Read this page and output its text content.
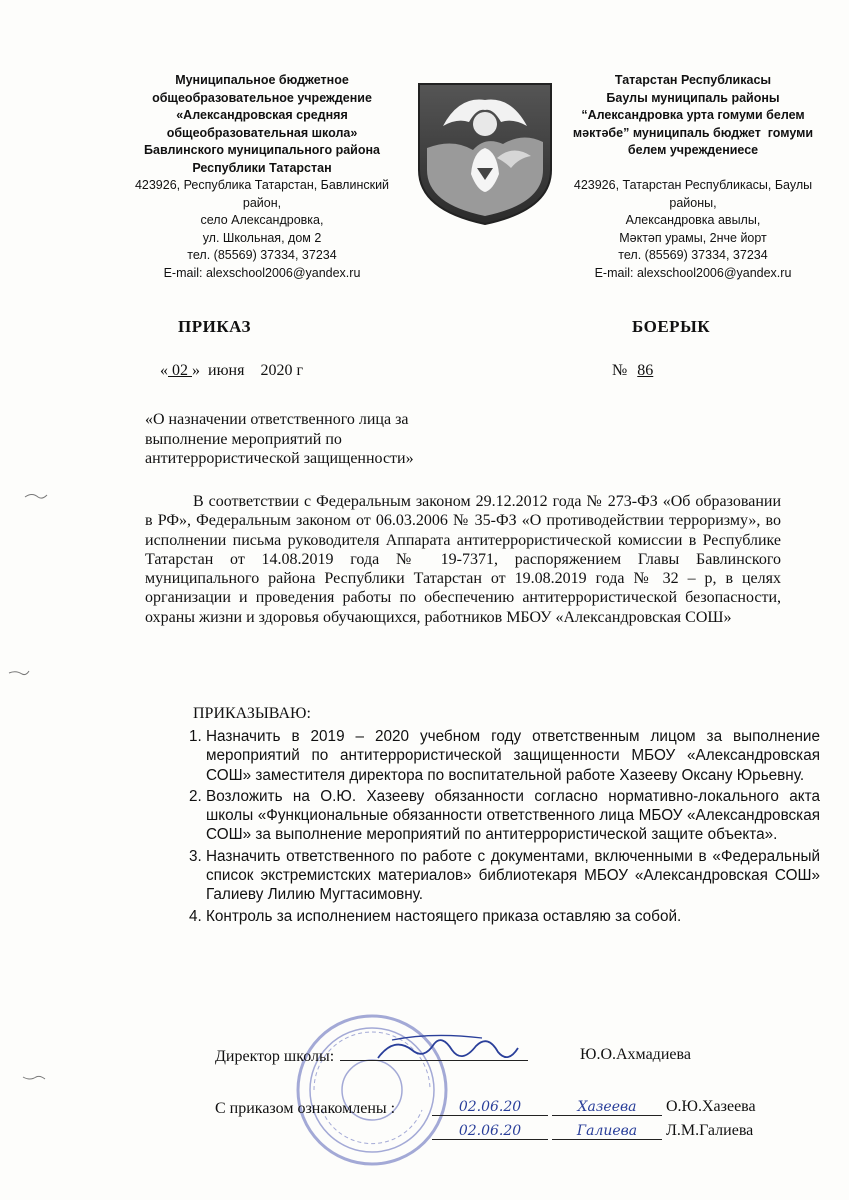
Муниципальное бюджетное
общеобразовательное учреждение
«Александровская средняя
общеобразовательная школа»
Бавлинского муниципального района
Республики Татарстан
423926, Республика Татарстан, Бавлинский
район,
село Александровка,
ул. Школьная, дом 2
тел. (85569) 37334, 37234
E-mail: alexschool2006@yandex.ru
Татарстан Республикасы
Баулы муниципаль районы
“Александровка урта гомуми белем
мәктәбе” муниципаль бюджет  гомуми
белем учреждениесе
423926, Татарстан Республикасы, Баулы
районы,
Александровка авылы,
Мәктәп урамы, 2нче йорт
тел. (85569) 37334, 37234
E-mail: alexschool2006@yandex.ru
ПРИКАЗ	БОЕРЫК
« 02 » июня 2020 г	№ 86
«О назначении ответственного лица за выполнение мероприятий по антитеррористической защищенности»
В соответствии с Федеральным законом 29.12.2012 года № 273-ФЗ «Об образовании в РФ», Федеральным законом от 06.03.2006 № 35-ФЗ «О противодействии терроризму», во исполнении письма руководителя Аппарата антитеррористической комиссии в Республике Татарстан от 14.08.2019 года № 19-7371, распоряжением Главы Бавлинского муниципального района Республики Татарстан от 19.08.2019 года № 32 – р, в целях организации и проведения работы по обеспечению антитеррористической безопасности, охраны жизни и здоровья обучающихся, работников МБОУ «Александровская СОШ»
ПРИКАЗЫВАЮ:
1. Назначить в 2019 – 2020 учебном году ответственным лицом за выполнение мероприятий по антитеррористической защищенности МБОУ «Александровская СОШ» заместителя директора по воспитательной работе Хазееву Оксану Юрьевну.
2. Возложить на О.Ю. Хазееву обязанности согласно нормативно-локального акта школы «Функциональные обязанности ответственного лица МБОУ «Александровская СОШ» за выполнение мероприятий по антитеррористической защите объекта».
3. Назначить ответственного по работе с документами, включенными в «Федеральный список экстремистских материалов» библиотекаря МБОУ «Александровская СОШ» Галиеву Лилию Мугтасимовну.
4. Контроль за исполнением настоящего приказа оставляю за собой.
Директор школы:	Ю.О.Ахмадиева
С приказом ознакомлены :	02.06.20	Хазеева О.Ю.Хазеева
02.06.20	Галиева Л.М.Галиева
